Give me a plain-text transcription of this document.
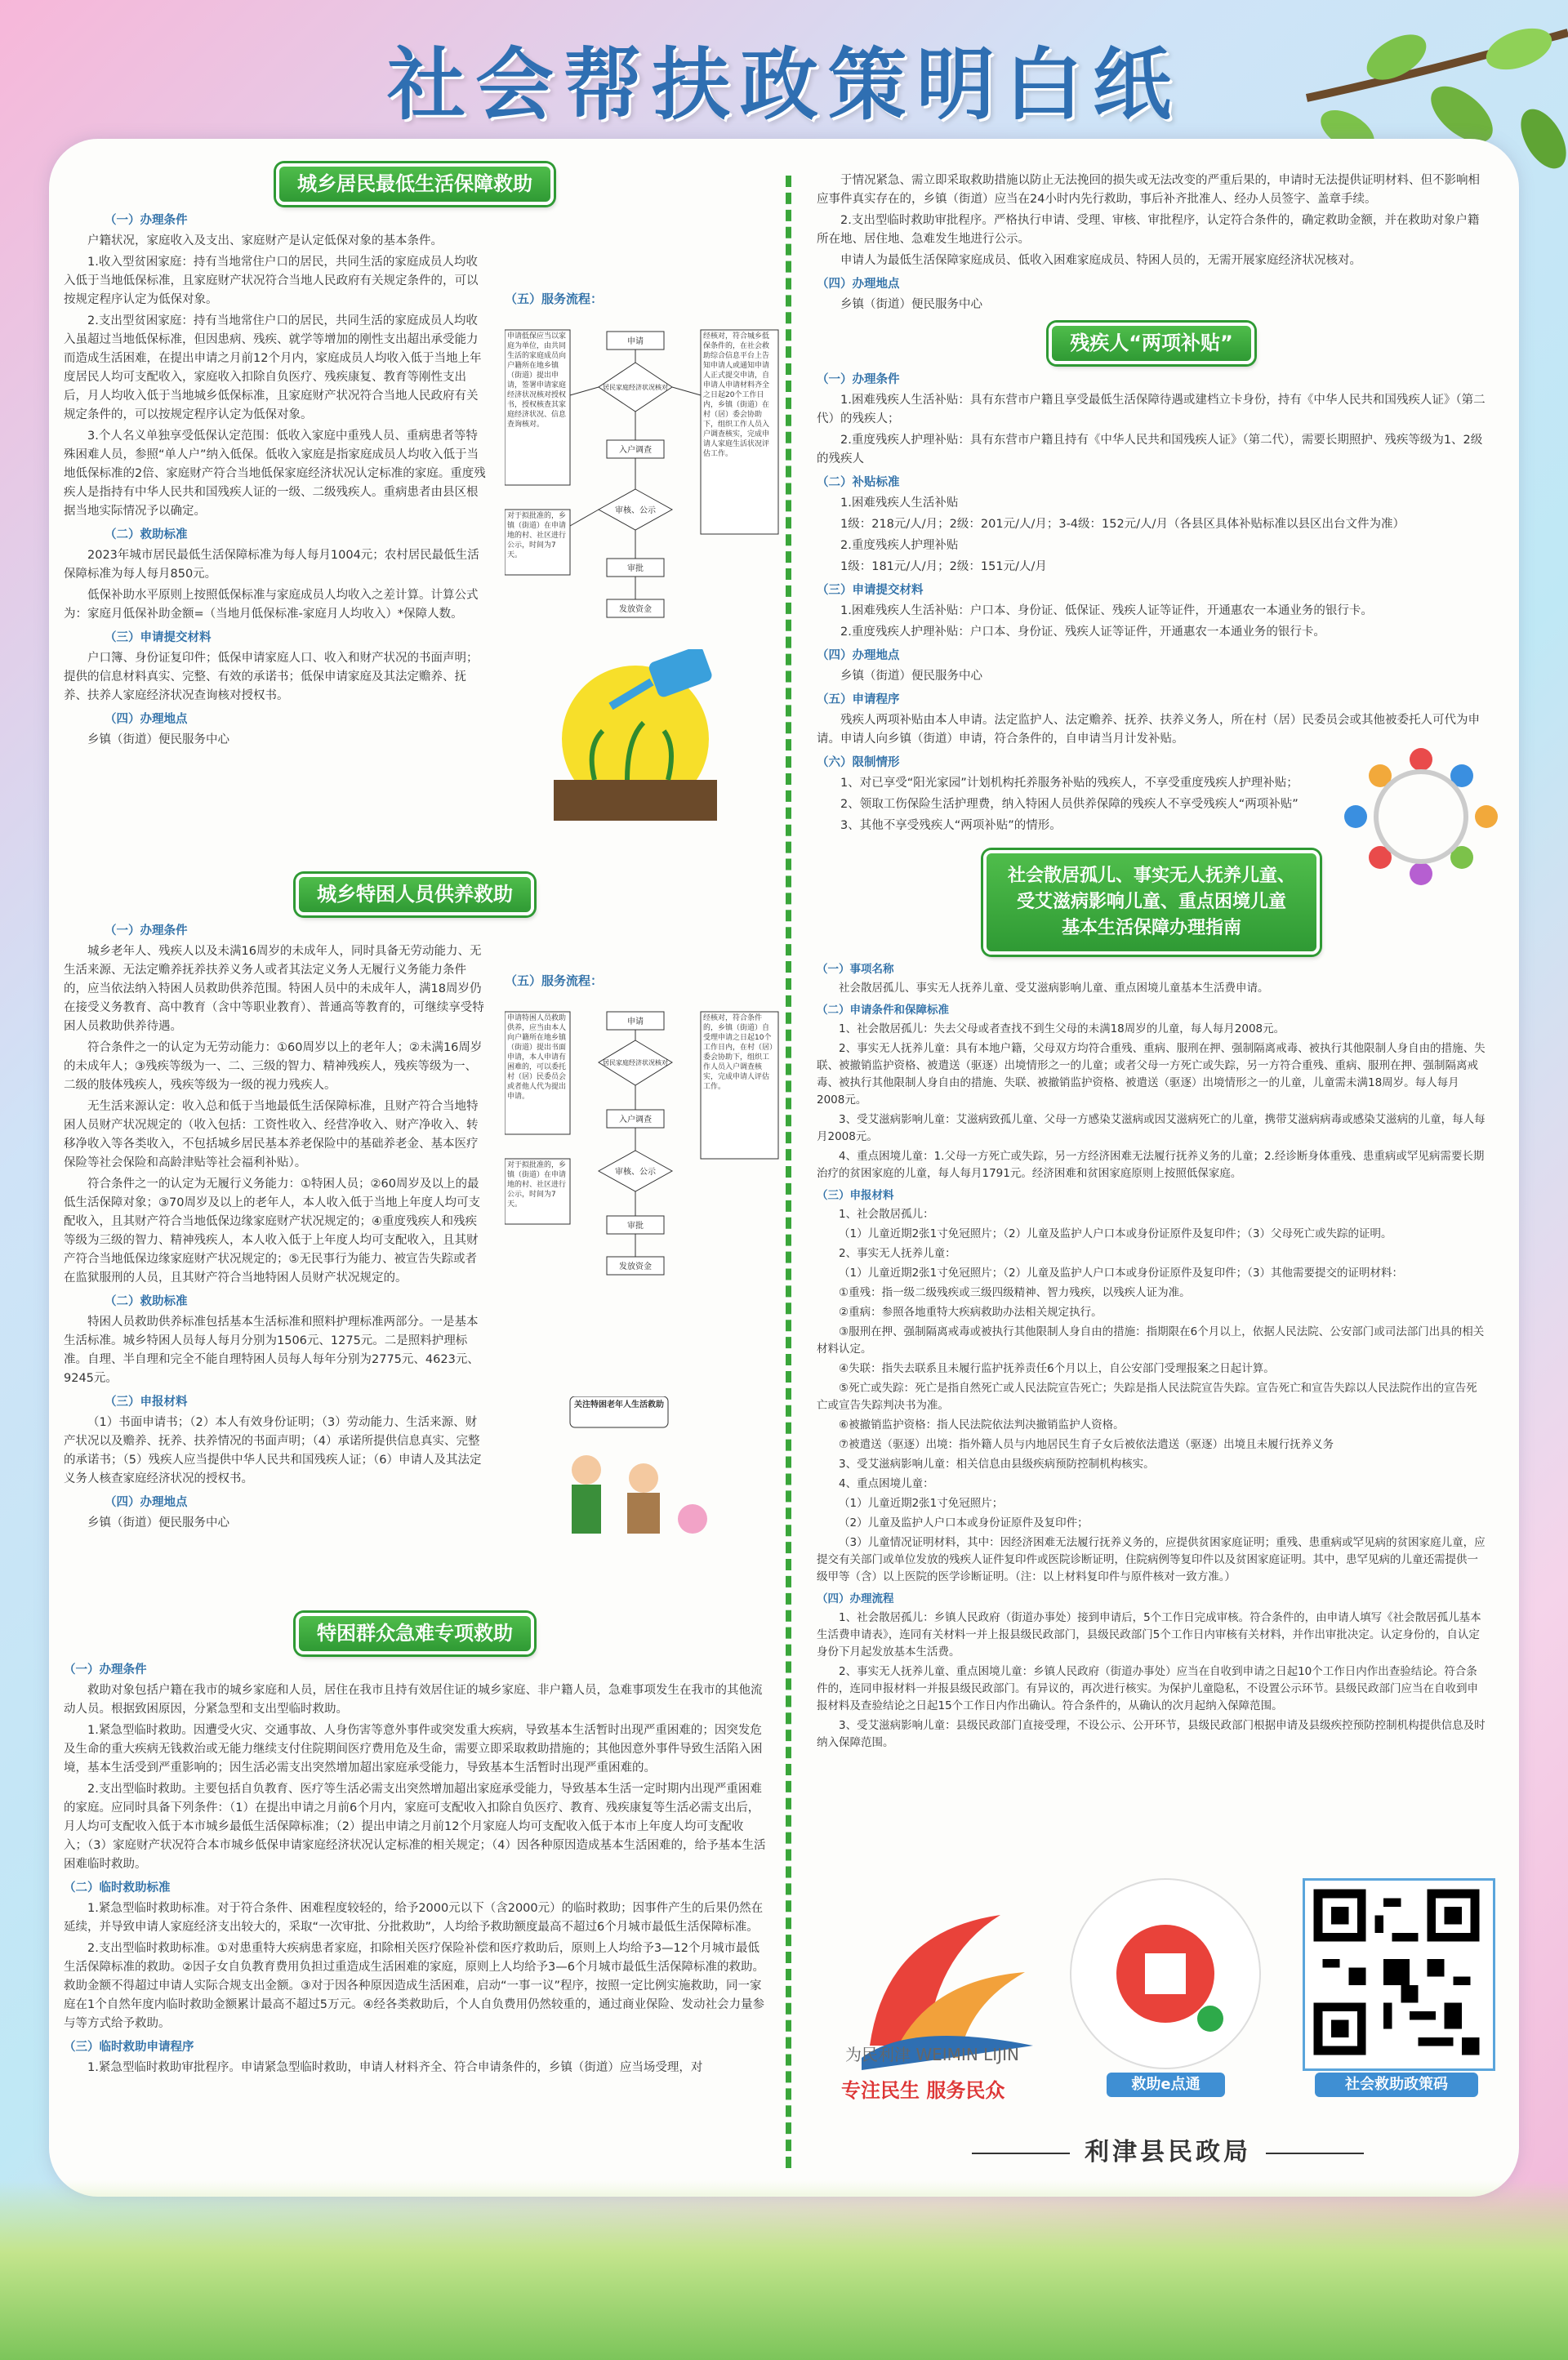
社会帮扶政策明白纸
城乡居民最低生活保障救助
（一）办理条件

户籍状况，家庭收入及支出、家庭财产是认定低保对象的基本条件。

1.收入型贫困家庭：持有当地常住户口的居民，共同生活的家庭成员人均收入低于当地低保标准，且家庭财产状况符合当地人民政府有关规定条件的，可以按规定程序认定为低保对象。

2.支出型贫困家庭：持有当地常住户口的居民，共同生活的家庭成员人均收入虽超过当地低保标准，但因患病、残疾、就学等增加的刚性支出超出承受能力而造成生活困难，在提出申请之月前12个月内，家庭成员人均收入低于当地上年度居民人均可支配收入，家庭收入扣除自负医疗、残疾康复、教育等刚性支出后，月人均收入低于当地城乡低保标准，且家庭财产状况符合当地人民政府有关规定条件的，可以按规定程序认定为低保对象。

3.个人名义单独享受低保认定范围：低收入家庭中重残人员、重病患者等特殊困难人员，参照“单人户”纳入低保。低收入家庭是指家庭成员人均收入低于当地低保标准的2倍、家庭财产符合当地低保家庭经济状况认定标准的家庭。重度残疾人是指持有中华人民共和国残疾人证的一级、二级残疾人。重病患者由县区根据当地实际情况予以确定。

（二）救助标准

2023年城市居民最低生活保障标准为每人每月1004元；农村居民最低生活保障标准为每人每月850元。

低保补助水平原则上按照低保标准与家庭成员人均收入之差计算。计算公式为：家庭月低保补助金额=（当地月低保标准-家庭月人均收入）*保障人数。

（三）申请提交材料

户口簿、身份证复印件；低保申请家庭人口、收入和财产状况的书面声明；提供的信息材料真实、完整、有效的承诺书；低保申请家庭及其法定赡养、抚养、扶养人家庭经济状况查询核对授权书。

（四）办理地点

乡镇（街道）便民服务中心

（五）服务流程：
申请低保应当以家庭为单位，由共同生活的家庭成员向户籍所在地乡镇（街道）提出申请，签署申请家庭经济状况核对授权书，授权核查其家庭经济状况、信息查询核对。
对于拟批准的，乡镇（街道）在申请地的村、社区进行公示，时间为7天。
经核对，符合城乡低保条件的，在社会救助综合信息平台上告知申请人或通知申请人正式提交申请，自申请人申请材料齐全之日起20个工作日内，乡镇（街道）在村（居）委会协助下，组织工作人员入户调查核实，完成申请人家庭生活状况评估工作。
申请
居民家庭经济状况核对
入户调查
审核、公示
审批
发放资金
城乡特困人员供养救助
（一）办理条件

城乡老年人、残疾人以及未满16周岁的未成年人，同时具备无劳动能力、无生活来源、无法定赡养抚养扶养义务人或者其法定义务人无履行义务能力条件的，应当依法纳入特困人员救助供养范围。特困人员中的未成年人，满18周岁仍在接受义务教育、高中教育（含中等职业教育）、普通高等教育的，可继续享受特困人员救助供养待遇。

符合条件之一的认定为无劳动能力：①60周岁以上的老年人；②未满16周岁的未成年人；③残疾等级为一、二、三级的智力、精神残疾人，残疾等级为一、二级的肢体残疾人，残疾等级为一级的视力残疾人。

无生活来源认定：收入总和低于当地最低生活保障标准，且财产符合当地特困人员财产状况规定的（收入包括：工资性收入、经营净收入、财产净收入、转移净收入等各类收入，不包括城乡居民基本养老保险中的基础养老金、基本医疗保险等社会保险和高龄津贴等社会福利补贴）。

符合条件之一的认定为无履行义务能力：①特困人员；②60周岁及以上的最低生活保障对象；③70周岁及以上的老年人，本人收入低于当地上年度人均可支配收入，且其财产符合当地低保边缘家庭财产状况规定的；④重度残疾人和残疾等级为三级的智力、精神残疾人，本人收入低于上年度人均可支配收入，且其财产符合当地低保边缘家庭财产状况规定的；⑤无民事行为能力、被宣告失踪或者在监狱服刑的人员，且其财产符合当地特困人员财产状况规定的。

（二）救助标准

特困人员救助供养标准包括基本生活标准和照料护理标准两部分。一是基本生活标准。城乡特困人员每人每月分别为1506元、1275元。二是照料护理标准。自理、半自理和完全不能自理特困人员每人每年分别为2775元、4623元、9245元。

（三）申报材料

（1）书面申请书；（2）本人有效身份证明；（3）劳动能力、生活来源、财产状况以及赡养、抚养、扶养情况的书面声明；（4）承诺所提供信息真实、完整的承诺书；（5）残疾人应当提供中华人民共和国残疾人证；（6）申请人及其法定义务人核查家庭经济状况的授权书。

（四）办理地点

乡镇（街道）便民服务中心

（五）服务流程：
申请特困人员救助供养，应当由本人向户籍所在地乡镇（街道）提出书面申请，本人申请有困难的，可以委托村（居）民委员会或者他人代为提出申请。
对于拟批准的，乡镇（街道）在申请地的村、社区进行公示，时间为7天。
经核对，符合条件的，乡镇（街道）自受理申请之日起10个工作日内，在村（居）委会协助下，组织工作人员入户调查核实，完成申请人评估工作。
申请
居民家庭经济状况核对
入户调查
审核、公示
审批
发放资金
关注特困老年人生活救助
特困群众急难专项救助
（一）办理条件

救助对象包括户籍在我市的城乡家庭和人员，居住在我市且持有效居住证的城乡家庭、非户籍人员，急难事项发生在我市的其他流动人员。根据致困原因，分紧急型和支出型临时救助。

1.紧急型临时救助。因遭受火灾、交通事故、人身伤害等意外事件或突发重大疾病，导致基本生活暂时出现严重困难的；因突发危及生命的重大疾病无钱救治或无能力继续支付住院期间医疗费用危及生命，需要立即采取救助措施的；其他因意外事件导致生活陷入困境，基本生活受到严重影响的；因生活必需支出突然增加超出家庭承受能力，导致基本生活暂时出现严重困难的。

2.支出型临时救助。主要包括自负教育、医疗等生活必需支出突然增加超出家庭承受能力，导致基本生活一定时期内出现严重困难的家庭。应同时具备下列条件：（1）在提出申请之月前6个月内，家庭可支配收入扣除自负医疗、教育、残疾康复等生活必需支出后，月人均可支配收入低于本市城乡最低生活保障标准；（2）提出申请之月前12个月家庭人均可支配收入低于本市上年度人均可支配收入；（3）家庭财产状况符合本市城乡低保申请家庭经济状况认定标准的相关规定；（4）因各种原因造成基本生活困难的，给予基本生活困难临时救助。

（二）临时救助标准

1.紧急型临时救助标准。对于符合条件、困难程度较轻的，给予2000元以下（含2000元）的临时救助；因事件产生的后果仍然在延续，并导致申请人家庭经济支出较大的，采取“一次审批、分批救助”，人均给予救助额度最高不超过6个月城市最低生活保障标准。

2.支出型临时救助标准。①对患重特大疾病患者家庭，扣除相关医疗保险补偿和医疗救助后，原则上人均给予3—12个月城市最低生活保障标准的救助。②因子女自负教育费用负担过重造成生活困难的家庭，原则上人均给予3—6个月城市最低生活保障标准的救助。救助金额不得超过申请人实际合规支出金额。③对于因各种原因造成生活困难，启动“一事一议”程序，按照一定比例实施救助，同一家庭在1个自然年度内临时救助金额累计最高不超过5万元。④经各类救助后，个人自负费用仍然较重的，通过商业保险、发动社会力量参与等方式给予救助。

（三）临时救助申请程序

1.紧急型临时救助审批程序。申请紧急型临时救助，申请人材料齐全、符合申请条件的，乡镇（街道）应当场受理，对

于情况紧急、需立即采取救助措施以防止无法挽回的损失或无法改变的严重后果的，申请时无法提供证明材料、但不影响相应事件真实存在的，乡镇（街道）应当在24小时内先行救助，事后补齐批准人、经办人员签字、盖章手续。

2.支出型临时救助审批程序。严格执行申请、受理、审核、审批程序，认定符合条件的，确定救助金额，并在救助对象户籍所在地、居住地、急难发生地进行公示。

申请人为最低生活保障家庭成员、低收入困难家庭成员、特困人员的，无需开展家庭经济状况核对。

（四）办理地点

乡镇（街道）便民服务中心

残疾人“两项补贴”
（一）办理条件

1.困难残疾人生活补贴：具有东营市户籍且享受最低生活保障待遇或建档立卡身份，持有《中华人民共和国残疾人证》（第二代）的残疾人；

2.重度残疾人护理补贴：具有东营市户籍且持有《中华人民共和国残疾人证》（第二代），需要长期照护、残疾等级为1、2级的残疾人

（二）补贴标准

1.困难残疾人生活补贴

1级：218元/人/月；2级：201元/人/月；3-4级：152元/人/月（各县区具体补贴标准以县区出台文件为准）

2.重度残疾人护理补贴

1级：181元/人/月；2级：151元/人/月

（三）申请提交材料

1.困难残疾人生活补贴：户口本、身份证、低保证、残疾人证等证件，开通惠农一本通业务的银行卡。

2.重度残疾人护理补贴：户口本、身份证、残疾人证等证件，开通惠农一本通业务的银行卡。

（四）办理地点

乡镇（街道）便民服务中心

（五）申请程序

残疾人两项补贴由本人申请。法定监护人、法定赡养、抚养、扶养义务人，所在村（居）民委员会或其他被委托人可代为申请。申请人向乡镇（街道）申请，符合条件的，自申请当月计发补贴。

（六）限制情形

1、对已享受“阳光家园”计划机构托养服务补贴的残疾人，不享受重度残疾人护理补贴；

2、领取工伤保险生活护理费，纳入特困人员供养保障的残疾人不享受残疾人“两项补贴”

3、其他不享受残疾人“两项补贴”的情形。

社会散居孤儿、事实无人抚养儿童、
受艾滋病影响儿童、重点困境儿童
基本生活保障办理指南
（一）事项名称

社会散居孤儿、事实无人抚养儿童、受艾滋病影响儿童、重点困境儿童基本生活费申请。

（二）申请条件和保障标准

1、社会散居孤儿：失去父母或者查找不到生父母的未满18周岁的儿童，每人每月2008元。

2、事实无人抚养儿童：具有本地户籍，父母双方均符合重残、重病、服刑在押、强制隔离戒毒、被执行其他限制人身自由的措施、失联、被撤销监护资格、被遣送（驱逐）出境情形之一的儿童；或者父母一方死亡或失踪，另一方符合重残、重病、服刑在押、强制隔离戒毒、被执行其他限制人身自由的措施、失联、被撤销监护资格、被遣送（驱逐）出境情形之一的儿童，儿童需未满18周岁。每人每月2008元。

3、受艾滋病影响儿童：艾滋病致孤儿童、父母一方感染艾滋病或因艾滋病死亡的儿童，携带艾滋病病毒或感染艾滋病的儿童，每人每月2008元。

4、重点困境儿童：1.父母一方死亡或失踪，另一方经济困难无法履行抚养义务的儿童；2.经诊断身体重残、患重病或罕见病需要长期治疗的贫困家庭的儿童，每人每月1791元。经济困难和贫困家庭原则上按照低保家庭。

（三）申报材料

1、社会散居孤儿：

（1）儿童近期2张1寸免冠照片；（2）儿童及监护人户口本或身份证原件及复印件；（3）父母死亡或失踪的证明。

2、事实无人抚养儿童：

（1）儿童近期2张1寸免冠照片；（2）儿童及监护人户口本或身份证原件及复印件；（3）其他需要提交的证明材料：

①重残：指一级二级残疾或三级四级精神、智力残疾，以残疾人证为准。

②重病：参照各地重特大疾病救助办法相关规定执行。

③服刑在押、强制隔离戒毒或被执行其他限制人身自由的措施：指期限在6个月以上，依据人民法院、公安部门或司法部门出具的相关材料认定。

④失联：指失去联系且未履行监护抚养责任6个月以上，自公安部门受理报案之日起计算。

⑤死亡或失踪：死亡是指自然死亡或人民法院宣告死亡；失踪是指人民法院宣告失踪。宣告死亡和宣告失踪以人民法院作出的宣告死亡或宣告失踪判决书为准。

⑥被撤销监护资格：指人民法院依法判决撤销监护人资格。

⑦被遣送（驱逐）出境：指外籍人员与内地居民生育子女后被依法遣送（驱逐）出境且未履行抚养义务

3、受艾滋病影响儿童：相关信息由县级疾病预防控制机构核实。

4、重点困境儿童：

（1）儿童近期2张1寸免冠照片；

（2）儿童及监护人户口本或身份证原件及复印件；

（3）儿童情况证明材料，其中：因经济困难无法履行抚养义务的，应提供贫困家庭证明；重残、患重病或罕见病的贫困家庭儿童，应提交有关部门或单位发放的残疾人证件复印件或医院诊断证明，住院病例等复印件以及贫困家庭证明。其中，患罕见病的儿童还需提供一级甲等（含）以上医院的医学诊断证明。（注：以上材料复印件与原件核对一致方准。）

（四）办理流程

1、社会散居孤儿：乡镇人民政府（街道办事处）接到申请后，5个工作日完成审核。符合条件的，由申请人填写《社会散居孤儿基本生活费申请表》，连同有关材料一并上报县级民政部门，县级民政部门5个工作日内审核有关材料，并作出审批决定。认定身份的，自认定身份下月起发放基本生活费。

2、事实无人抚养儿童、重点困境儿童：乡镇人民政府（街道办事处）应当在自收到申请之日起10个工作日内作出查验结论。符合条件的，连同申报材料一并报县级民政部门。有异议的，再次进行核实。为保护儿童隐私，不设置公示环节。县级民政部门应当在自收到申报材料及查验结论之日起15个工作日内作出确认。符合条件的，从确认的次月起纳入保障范围。

3、受艾滋病影响儿童：县级民政部门直接受理，不设公示、公开环节，县级民政部门根据申请及县级疾控预防控制机构提供信息及时纳入保障范围。

为民利津 WEIMIN LIJIN
专注民生 服务民众	救助e点通	社会救助政策码
利津县民政局
